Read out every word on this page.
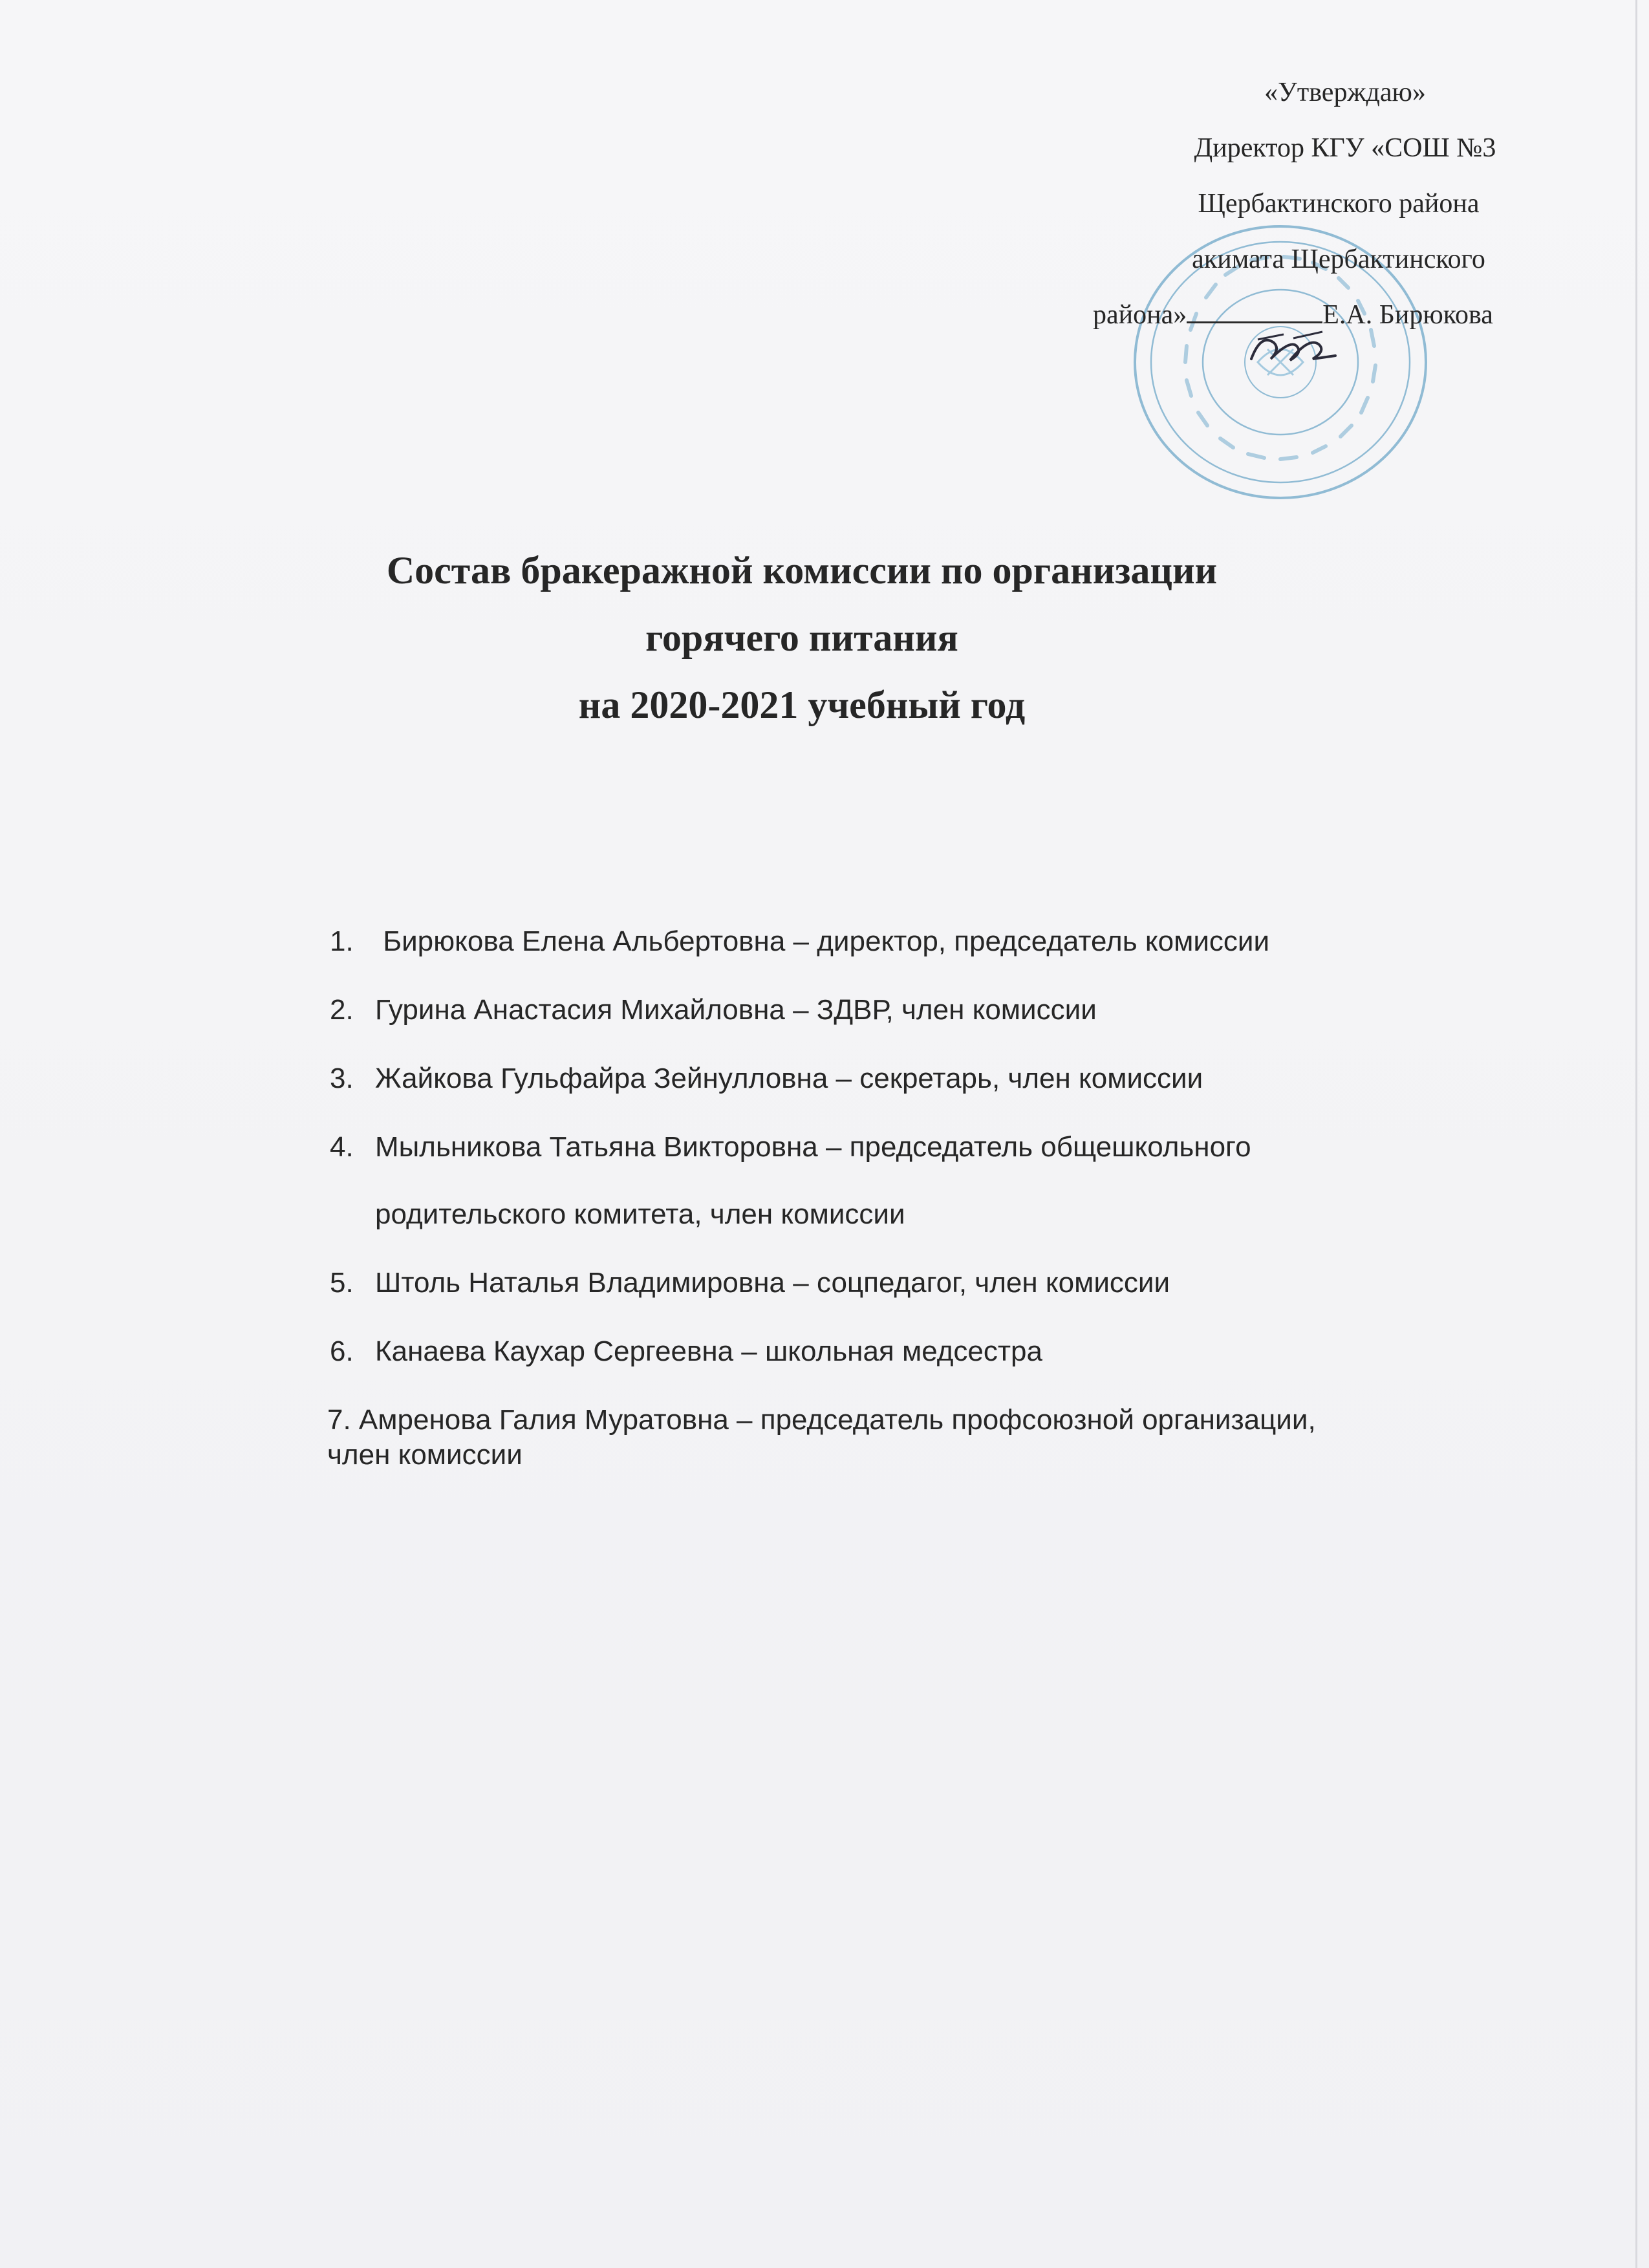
«Утверждаю»
Директор КГУ «СОШ №3
Щербактинского района
акимата Щербактинского
района»	Е.А. Бирюкова
Состав бракеражной комиссии по организации
горячего питания
на 2020-2021 учебный год
1. Бирюкова Елена Альбертовна – директор, председатель комиссии
2. Гурина Анастасия Михайловна – ЗДВР, член комиссии
3. Жайкова Гульфайра Зейнулловна – секретарь, член комиссии
4. Мыльникова Татьяна Викторовна – председатель общешкольного
родительского комитета, член комиссии
5. Штоль Наталья Владимировна – соцпедагог, член комиссии
6. Канаева Каухар Сергеевна – школьная медсестра
7. Амренова Галия Муратовна – председатель профсоюзной организации,
член комиссии
